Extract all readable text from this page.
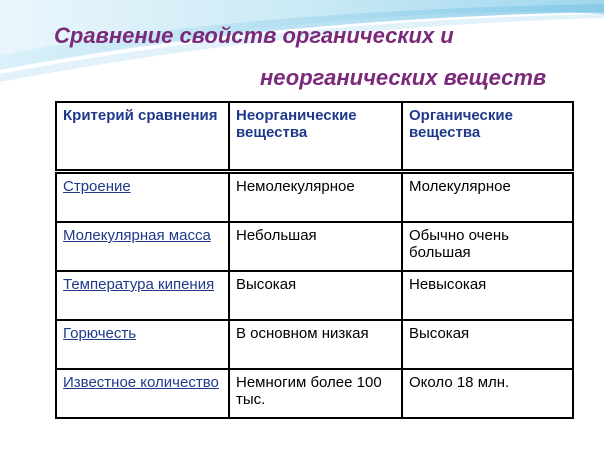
Сравнение свойств органических и
неорганических веществ
Критерий сравнения	Неорганические вещества	Органические вещества
Строение	Немолекулярное	Молекулярное
Молекулярная масса	Небольшая	Обычно очень большая
Температура кипения	Высокая	Невысокая
Горючесть	В основном низкая	Высокая
Известное количество	Немногим более 100 тыс.	Около 18 млн.
